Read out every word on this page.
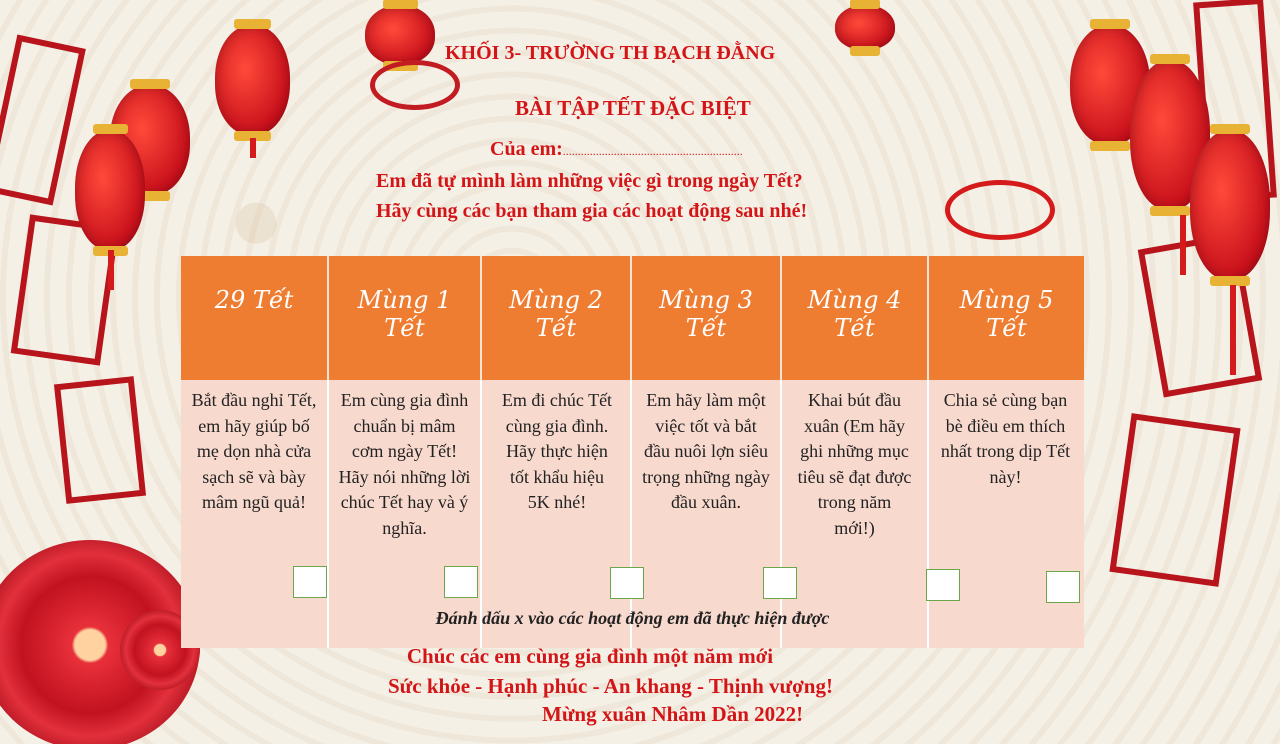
KHỐI 3- TRƯỜNG TH BẠCH ĐẰNG
BÀI TẬP TẾT ĐẶC BIỆT
Của em:............................................................
Em đã tự mình làm những việc gì trong ngày Tết?
Hãy cùng các bạn tham gia các hoạt động sau nhé!
29 Tết	Mùng 1
Tết
Mùng 2
Tết
Mùng 3
Tết
Mùng 4
Tết
Mùng 5
Tết
Bắt đầu nghỉ Tết, em hãy giúp bố mẹ dọn nhà cửa sạch sẽ và bày mâm ngũ quả!
Em cùng gia đình chuẩn bị mâm cơm ngày Tết! Hãy nói những lời chúc Tết hay và ý nghĩa.
Em đi chúc Tết cùng gia đình. Hãy thực hiện tốt khẩu hiệu 5K nhé!
Em hãy làm một việc tốt và bắt đầu nuôi lợn siêu trọng những ngày đầu xuân.
Khai bút đầu xuân (Em hãy ghi những mục tiêu sẽ đạt được trong năm mới!)
Chia sẻ cùng bạn bè điều em thích nhất trong dịp Tết này!
Đánh dấu x vào các hoạt động em đã thực hiện được
Chúc các em cùng gia đình một năm mới
Sức khỏe - Hạnh phúc - An khang - Thịnh vượng!
Mừng xuân Nhâm Dần 2022!
